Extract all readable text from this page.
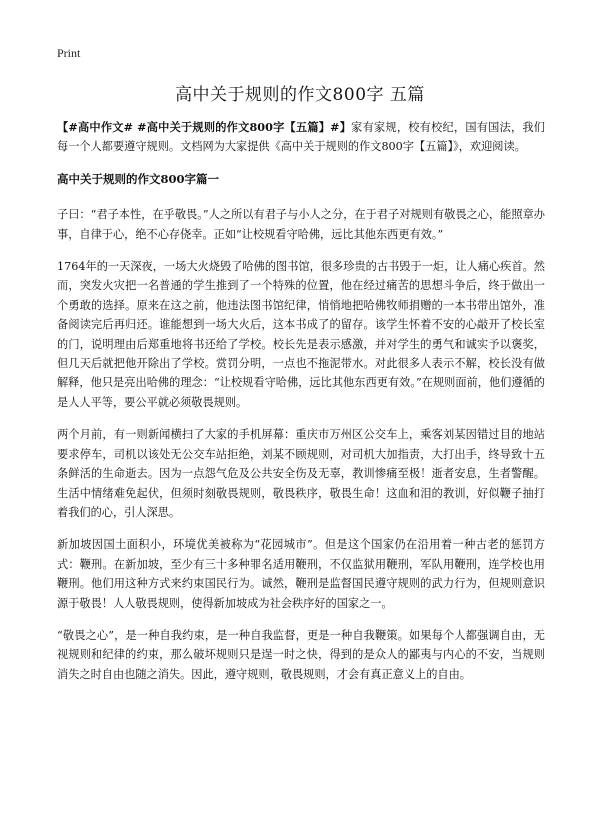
Print
高中关于规则的作文800字 五篇

【#高中作文# #高中关于规则的作文800字【五篇】#】家有家规，校有校纪，国有国法，我们每一个人都要遵守规则。文档网为大家提供《高中关于规则的作文800字【五篇】》，欢迎阅读。

高中关于规则的作文800字篇一

子曰：“君子本性，在乎敬畏。”人之所以有君子与小人之分，在于君子对规则有敬畏之心，能照章办事，自律于心，绝不心存侥幸。正如“让校规看守哈佛，远比其他东西更有效。”

1764年的一天深夜，一场大火烧毁了哈佛的图书馆，很多珍贵的古书毁于一炬，让人痛心疾首。然而，突发火灾把一名普通的学生推到了一个特殊的位置，他在经过痛苦的思想斗争后，终于做出一个勇敢的选择。原来在这之前，他违法图书馆纪律，悄悄地把哈佛牧师捐赠的一本书带出馆外，准备阅读完后再归还。谁能想到一场大火后，这本书成了的留存。该学生怀着不安的心敲开了校长室的门，说明理由后郑重地将书还给了学校。校长先是表示感激，并对学生的勇气和诚实予以褒奖，但几天后就把他开除出了学校。赏罚分明，一点也不拖泥带水。对此很多人表示不解，校长没有做解释，他只是亮出哈佛的理念：“让校规看守哈佛，远比其他东西更有效。”在规则面前，他们遵循的是人人平等，要公平就必须敬畏规则。

两个月前，有一则新闻横扫了大家的手机屏幕：重庆市万州区公交车上，乘客刘某因错过目的地站要求停车，司机以该处无公交车站拒绝，刘某不顾规则，对司机大加指责，大打出手，终导致十五条鲜活的生命逝去。因为一点怨气危及公共安全伤及无辜，教训惨痛至极！逝者安息，生者警醒。生活中情绪难免起伏，但须时刻敬畏规则，敬畏秩序，敬畏生命！这血和泪的教训，好似鞭子抽打着我们的心，引人深思。

新加坡因国土面积小，环境优美被称为“花园城市”。但是这个国家仍在沿用着一种古老的惩罚方式：鞭刑。在新加坡，至少有三十多种罪名适用鞭刑，不仅监狱用鞭刑，军队用鞭刑，连学校也用鞭刑。他们用这种方式来约束国民行为。诚然，鞭刑是监督国民遵守规则的武力行为，但规则意识源于敬畏！人人敬畏规则，使得新加坡成为社会秩序好的国家之一。

“敬畏之心”，是一种自我约束，是一种自我监督，更是一种自我鞭策。如果每个人都强调自由，无视规则和纪律的约束，那么破坏规则只是逞一时之快，得到的是众人的鄙夷与内心的不安，当规则消失之时自由也随之消失。因此，遵守规则，敬畏规则，才会有真正意义上的自由。
